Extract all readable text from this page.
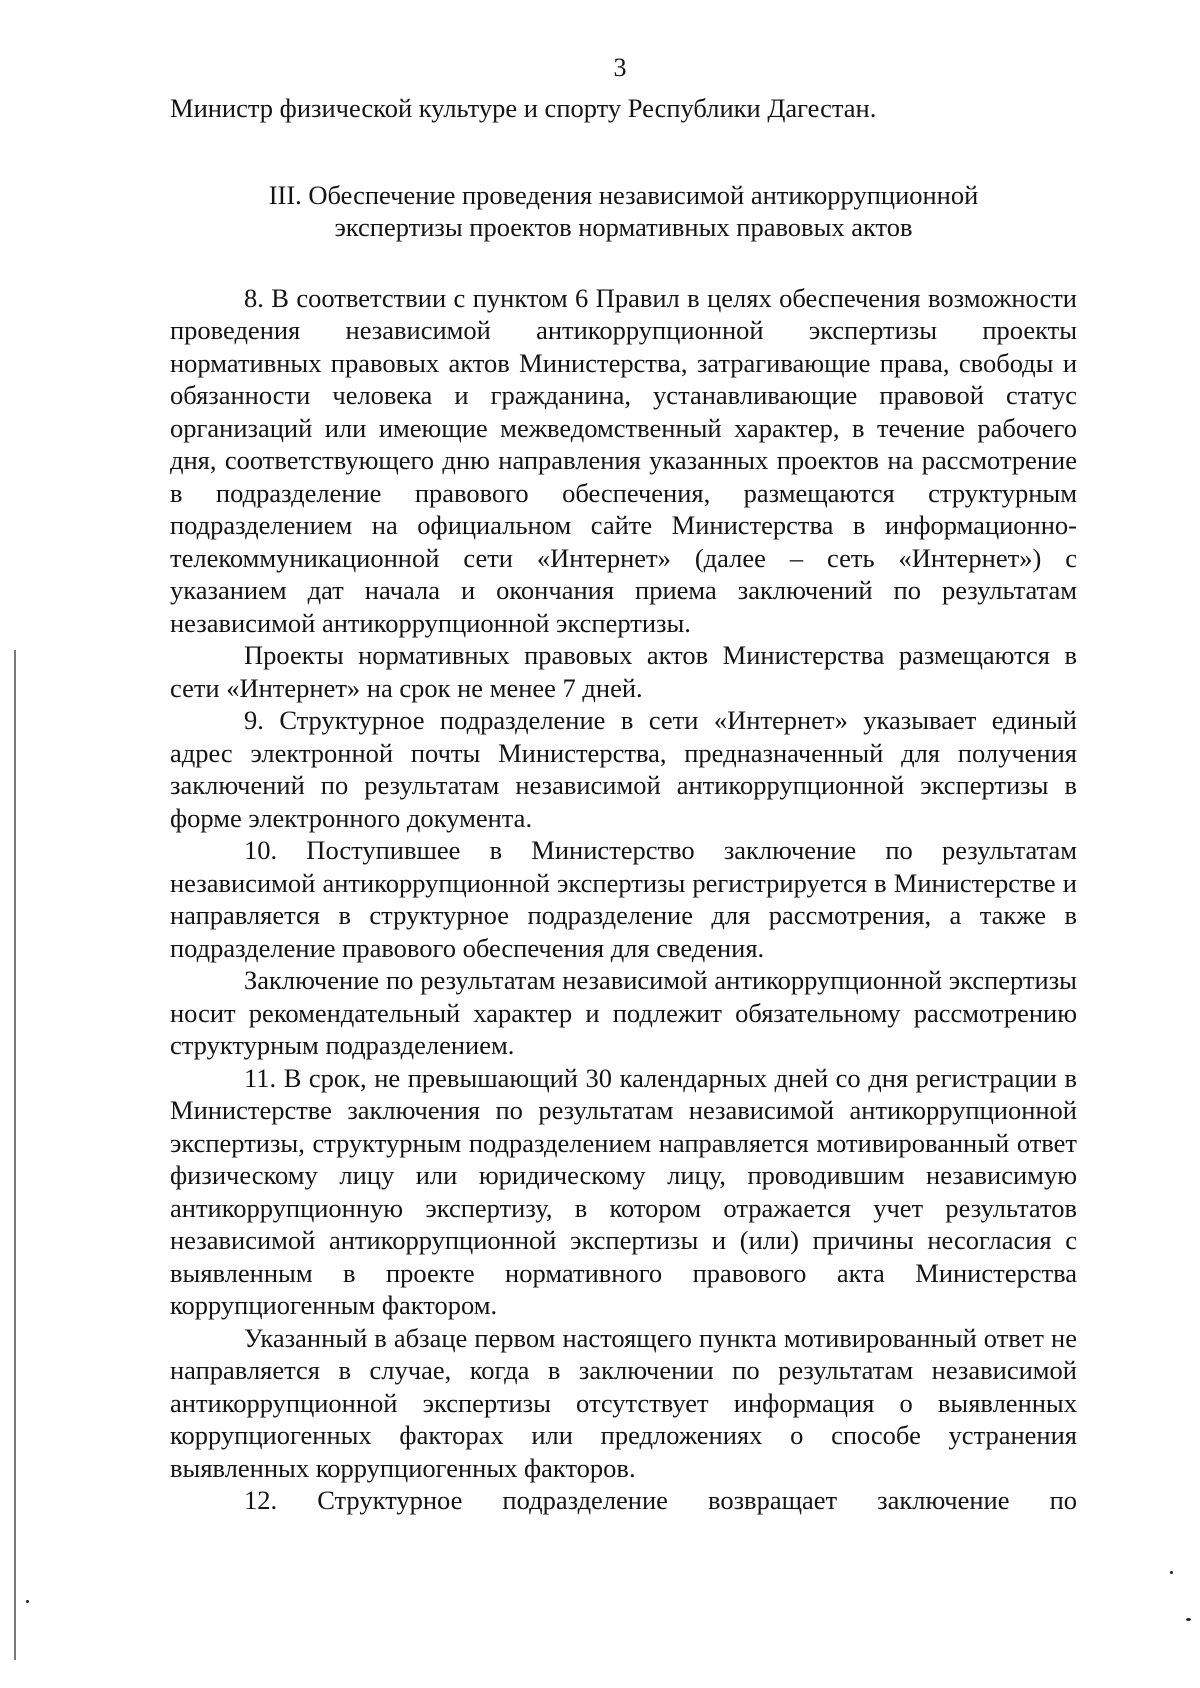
3

Министр физической культуре и спорту Республики Дагестан.

III. Обеспечение проведения независимой антикоррупционной
экспертизы проектов нормативных правовых актов

8. В соответствии с пунктом 6 Правил в целях обеспечения возможности проведения независимой антикоррупционной экспертизы проекты нормативных правовых актов Министерства, затрагивающие права, свободы и обязанности человека и гражданина, устанавливающие правовой статус организаций или имеющие межведомственный характер, в течение рабочего дня, соответствующего дню направления указанных проектов на рассмотрение в подразделение правового обеспечения, размещаются структурным подразделением на официальном сайте Министерства в информационно-телекоммуникационной сети «Интернет» (далее – сеть «Интернет») с указанием дат начала и окончания приема заключений по результатам независимой антикоррупционной экспертизы.

Проекты нормативных правовых актов Министерства размещаются в сети «Интернет» на срок не менее 7 дней.

9. Структурное подразделение в сети «Интернет» указывает единый адрес электронной почты Министерства, предназначенный для получения заключений по результатам независимой антикоррупционной экспертизы в форме электронного документа.

10. Поступившее в Министерство заключение по результатам независимой антикоррупционной экспертизы регистрируется в Министерстве и направляется в структурное подразделение для рассмотрения, а также в подразделение правового обеспечения для сведения.

Заключение по результатам независимой антикоррупционной экспертизы носит рекомендательный характер и подлежит обязательному рассмотрению структурным подразделением.

11. В срок, не превышающий 30 календарных дней со дня регистрации в Министерстве заключения по результатам независимой антикоррупционной экспертизы, структурным подразделением направляется мотивированный ответ физическому лицу или юридическому лицу, проводившим независимую антикоррупционную экспертизу, в котором отражается учет результатов независимой антикоррупционной экспертизы и (или) причины несогласия с выявленным в проекте нормативного правового акта Министерства коррупциогенным фактором.

Указанный в абзаце первом настоящего пункта мотивированный ответ не направляется в случае, когда в заключении по результатам независимой антикоррупционной экспертизы отсутствует информация о выявленных коррупциогенных факторах или предложениях о способе устранения выявленных коррупциогенных факторов.

12. Структурное подразделение возвращает заключение по
